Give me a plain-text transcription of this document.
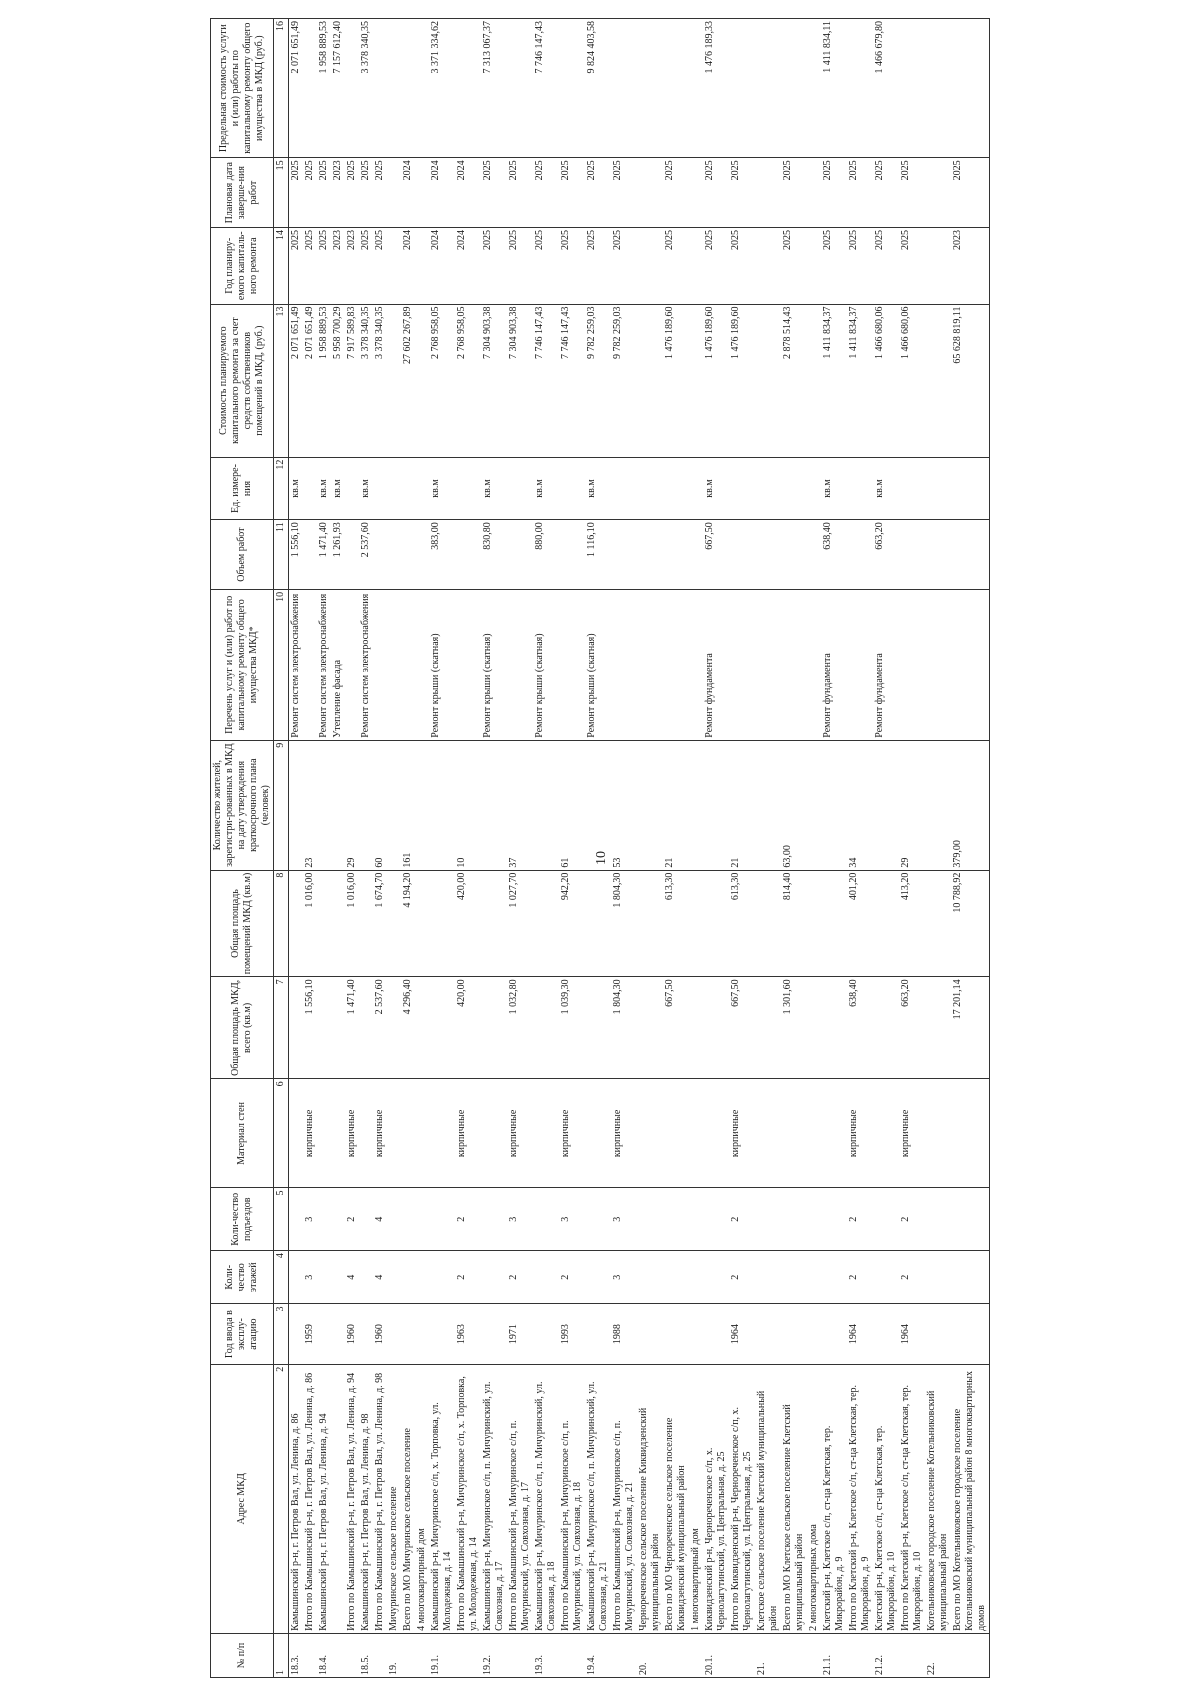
10
№ п/п	Адрес МКД	Год ввода в эксплу-атацию	Коли-чество этажей	Коли-чество подъездов	Материал стен	Общая площадь МКД, всего (кв.м)	Общая площадь помещений МКД (кв.м)	Количество жителей, зарегистри-рованных в МКД на дату утверждения краткосрочного плана (человек)	Перечень услуг и (или) работ по капитальному ремонту общего имущества МКД*	Объем работ	Ед. измере-ния	Стоимость планируемого капитального ремонта за счет средств собственников помещений в МКД, (руб.)	Год планиру-емого капиталь-ного ремонта	Плановая дата заверше-ния работ	Предельная стоимость услуги и (или) работы по капитальному ремонту общего имущества в МКД (руб.)
1	2	3	4	5	6	7	8	9	10	11	12	13	14	15	16
18.3.	Камышинский р-н, г. Петров Вал, ул. Ленина, д. 86								Ремонт систем электроснабжения	1 556,10	кв.м	2 071 651,49	2025	2025	2 071 651,49
	Итого по Камышинский р-н, г. Петров Вал, ул. Ленина, д. 86	1959	3	3	кирпичные	1 556,10	1 016,00	23				2 071 651,49	2025	2025	
18.4.	Камышинский р-н, г. Петров Вал, ул. Ленина, д. 94								Ремонт систем электроснабжения	1 471,40	кв.м	1 958 889,53	2025	2025	1 958 889,53
									Утепление фасада	1 261,93	кв.м	5 958 700,29	2023	2023	7 157 612,40
	Итого по Камышинский р-н, г. Петров Вал, ул. Ленина, д. 94	1960	4	2	кирпичные	1 471,40	1 016,00	29				7 917 589,83	2023	2025	
18.5.	Камышинский р-н, г. Петров Вал, ул. Ленина, д. 98								Ремонт систем электроснабжения	2 537,60	кв.м	3 378 340,35	2025	2025	3 378 340,35
	Итого по Камышинский р-н, г. Петров Вал, ул. Ленина, д. 98	1960	4	4	кирпичные	2 537,60	1 674,70	60				3 378 340,35	2025	2025	
19.	Мичуринское сельское поселение														
	Всего по МО Мичуринское сельское поселение					4 296,40	4 194,20	161				27 602 267,89	2024	2024	
	4 многоквартирный дом														
19.1.	Камышинский р-н, Мичуринское с/п, х. Торповка, ул. Молодежная, д. 14								Ремонт крыши (скатная)	383,00	кв.м	2 768 958,05	2024	2024	3 371 334,62
	Итого по Камышинский р-н, Мичуринское с/п, х. Торповка, ул. Молодежная, д. 14	1963	2	2	кирпичные	420,00	420,00	10				2 768 958,05	2024	2024	
19.2.	Камышинский р-н, Мичуринское с/п, п. Мичуринский, ул. Совхозная, д. 17								Ремонт крыши (скатная)	830,80	кв.м	7 304 903,38	2025	2025	7 313 067,37
	Итого по Камышинский р-н, Мичуринское с/п, п. Мичуринский, ул. Совхозная, д. 17	1971	2	3	кирпичные	1 032,80	1 027,70	37				7 304 903,38	2025	2025	
19.3.	Камышинский р-н, Мичуринское с/п, п. Мичуринский, ул. Совхозная, д. 18								Ремонт крыши (скатная)	880,00	кв.м	7 746 147,43	2025	2025	7 746 147,43
	Итого по Камышинский р-н, Мичуринское с/п, п. Мичуринский, ул. Совхозная, д. 18	1993	2	3	кирпичные	1 039,30	942,20	61				7 746 147,43	2025	2025	
19.4.	Камышинский р-н, Мичуринское с/п, п. Мичуринский, ул. Совхозная, д. 21								Ремонт крыши (скатная)	1 116,10	кв.м	9 782 259,03	2025	2025	9 824 403,58
	Итого по Камышинский р-н, Мичуринское с/п, п. Мичуринский, ул. Совхозная, д. 21	1988	3	3	кирпичные	1 804,30	1 804,30	53				9 782 259,03	2025	2025	
20.	Чернореченское сельское поселение Киквидзенский муниципальный район														
	Всего по МО Чернореченское сельское поселение Киквидзенский муниципальный район					667,50	613,30	21				1 476 189,60	2025	2025	
	1 многоквартирный дом														
20.1.	Киквидзенский р-н, Чернореченское с/п, х. Чернолагутинский, ул. Центральная, д. 25								Ремонт фундамента	667,50	кв.м	1 476 189,60	2025	2025	1 476 189,33
	Итого по Киквидзенский р-н, Чернореченское с/п, х. Чернолагутинский, ул. Центральная, д. 25	1964	2	2	кирпичные	667,50	613,30	21				1 476 189,60	2025	2025	
21.	Клетское сельское поселение Клетский муниципальный район														
	Всего по МО Клетское сельское поселение Клетский муниципальный район					1 301,60	814,40	63,00				2 878 514,43	2025	2025	
	2 многоквартирных дома														
21.1.	Клетский р-н, Клетское с/п, ст-ца Клетская, тер. Микрорайон, д. 9								Ремонт фундамента	638,40	кв.м	1 411 834,37	2025	2025	1 411 834,11
	Итого по Клетский р-н, Клетское с/п, ст-ца Клетская, тер. Микрорайон, д. 9	1964	2	2	кирпичные	638,40	401,20	34				1 411 834,37	2025	2025	
21.2.	Клетский р-н, Клетское с/п, ст-ца Клетская, тер. Микрорайон, д. 10								Ремонт фундамента	663,20	кв.м	1 466 680,06	2025	2025	1 466 679,80
	Итого по Клетский р-н, Клетское с/п, ст-ца Клетская, тер. Микрорайон, д. 10	1964	2	2	кирпичные	663,20	413,20	29				1 466 680,06	2025	2025	
22.	Котельниковское городское поселение Котельниковский муниципальный район														
	Всего по МО Котельниковское городское поселение Котельниковский муниципальный район 8 многоквартирных домов					17 201,14	10 788,92	379,00				65 628 819,11	2023	2025	
